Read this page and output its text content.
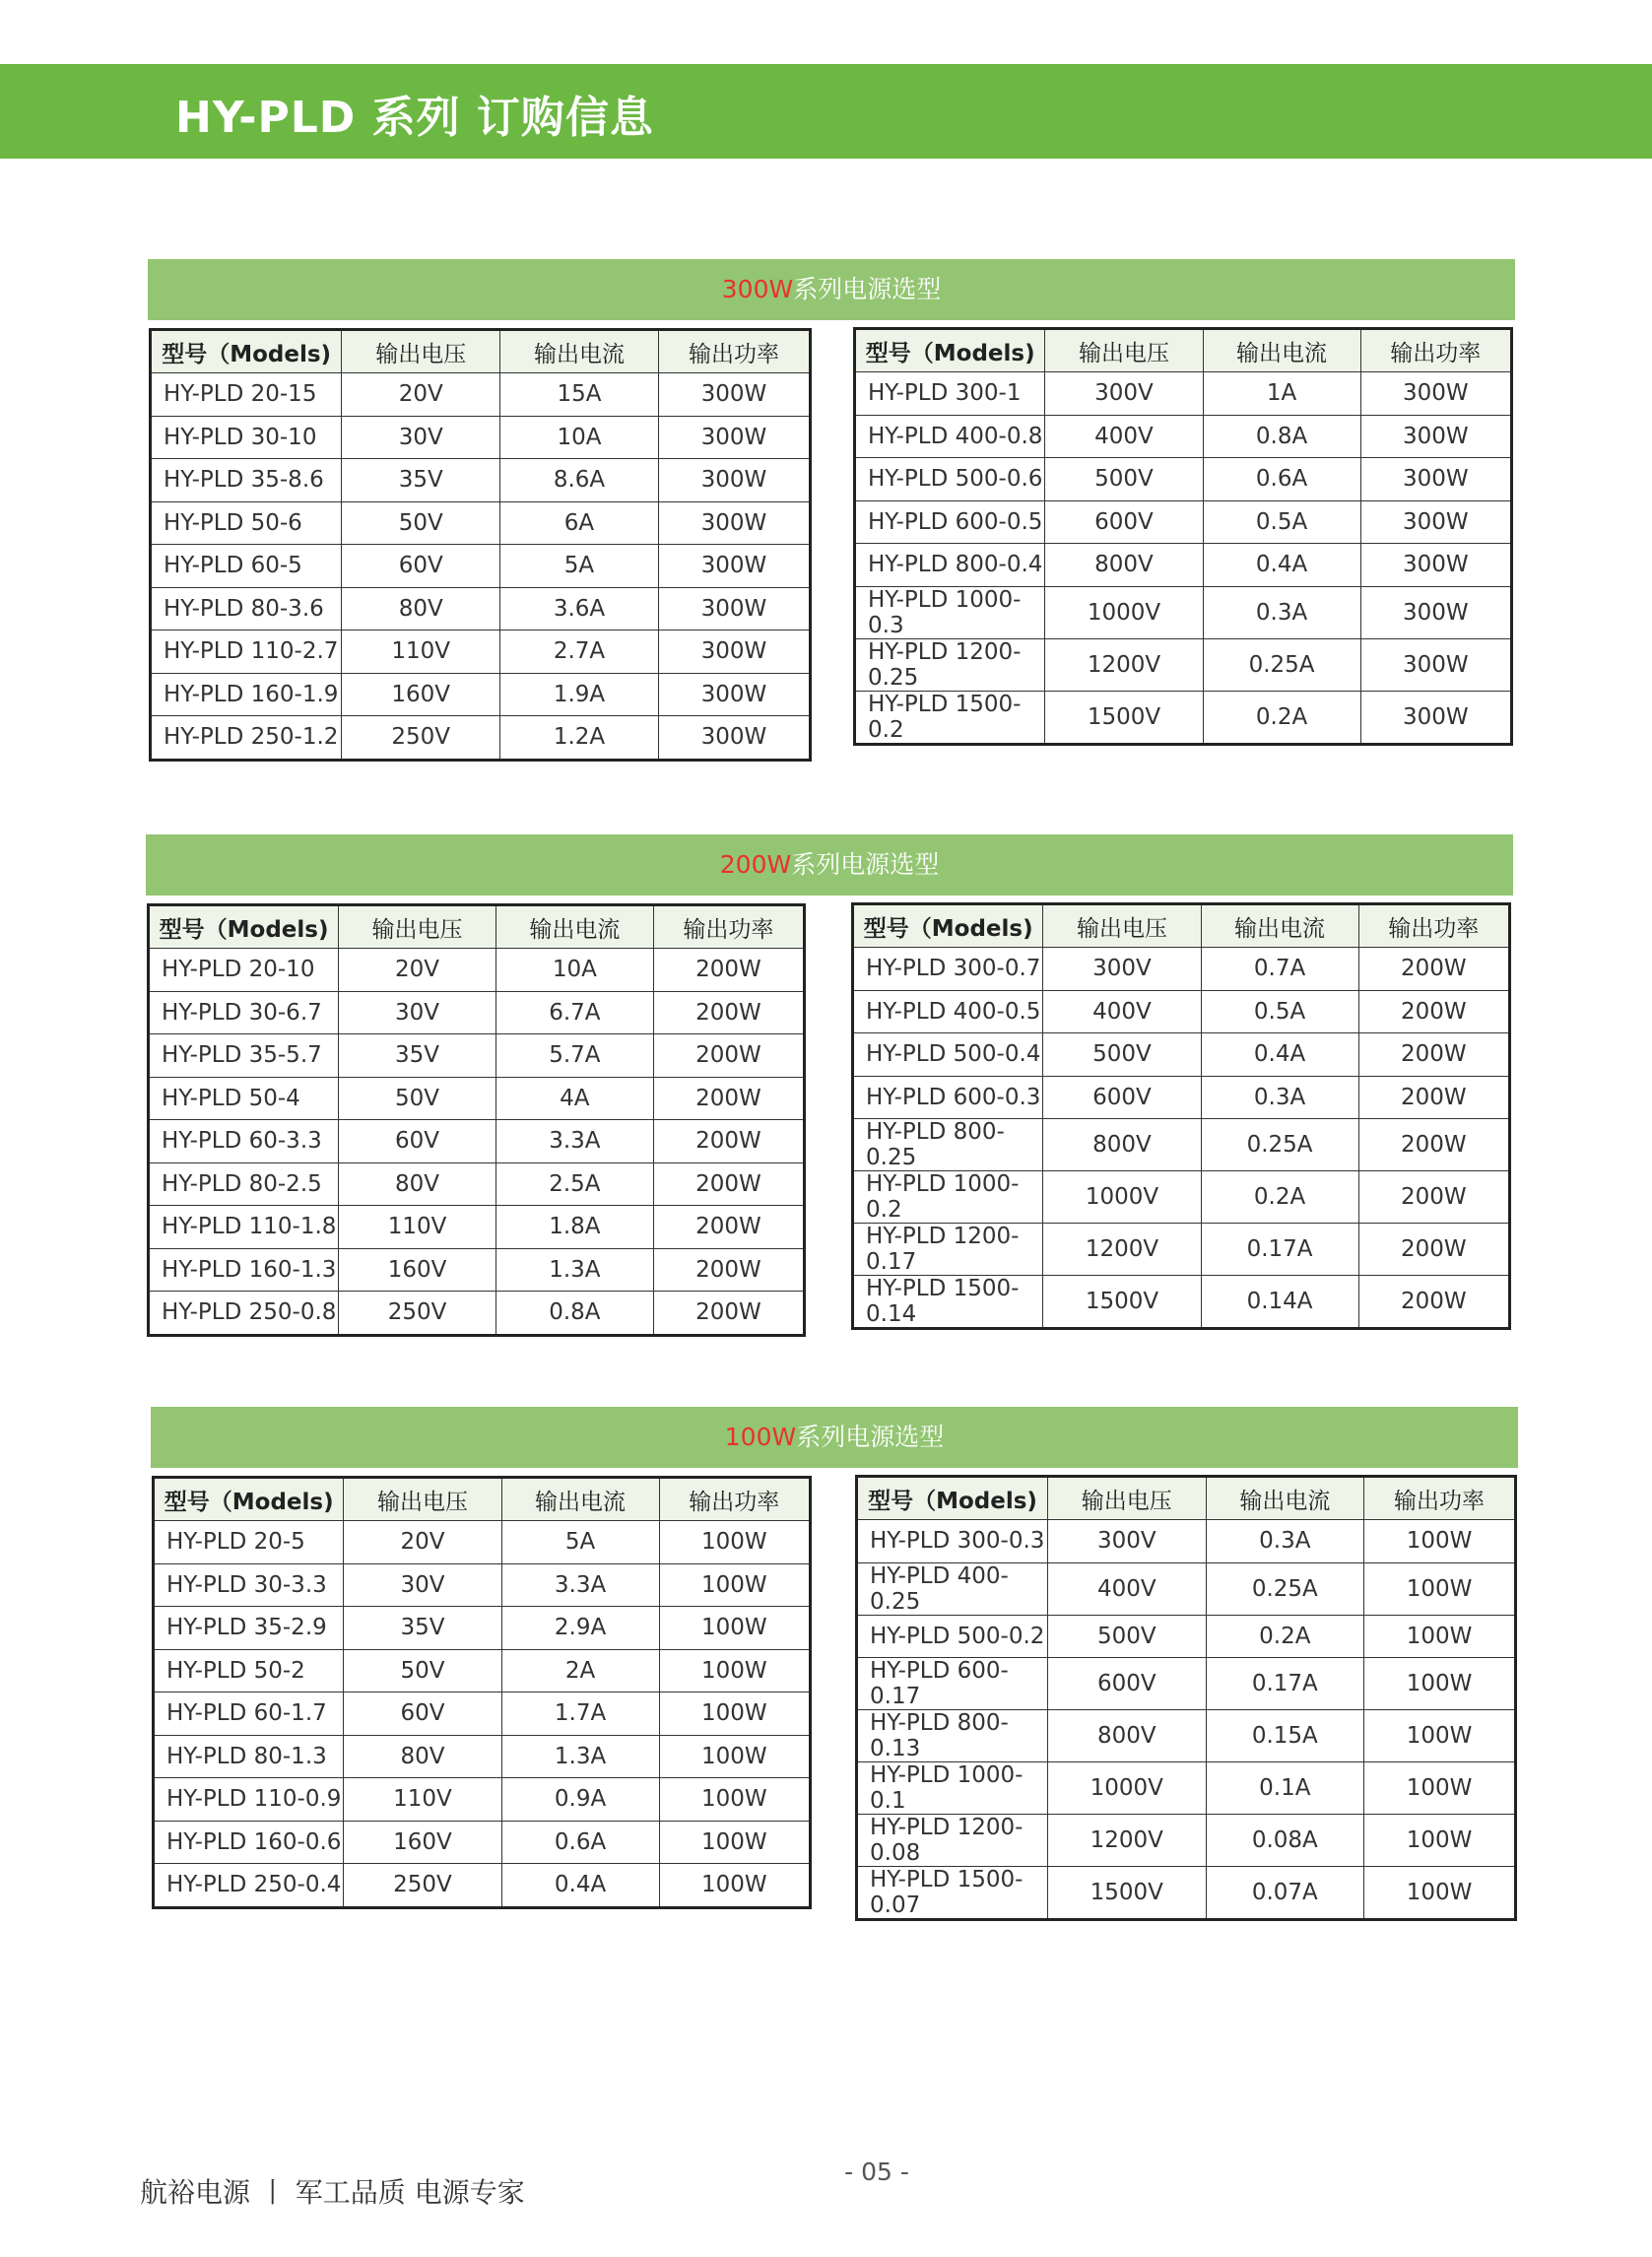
HY-PLD 系列 订购信息
300W系列电源选型
型号（Models)	输出电压	输出电流	输出功率
HY-PLD 20-15	20V	15A	300W
HY-PLD 30-10	30V	10A	300W
HY-PLD 35-8.6	35V	8.6A	300W
HY-PLD 50-6	50V	6A	300W
HY-PLD 60-5	60V	5A	300W
HY-PLD 80-3.6	80V	3.6A	300W
HY-PLD 110-2.7	110V	2.7A	300W
HY-PLD 160-1.9	160V	1.9A	300W
HY-PLD 250-1.2	250V	1.2A	300W
型号（Models)	输出电压	输出电流	输出功率
HY-PLD 300-1	300V	1A	300W
HY-PLD 400-0.8	400V	0.8A	300W
HY-PLD 500-0.6	500V	0.6A	300W
HY-PLD 600-0.5	600V	0.5A	300W
HY-PLD 800-0.4	800V	0.4A	300W
HY-PLD 1000-0.3	1000V	0.3A	300W
HY-PLD 1200-0.25	1200V	0.25A	300W
HY-PLD 1500-0.2	1500V	0.2A	300W
200W系列电源选型
型号（Models)	输出电压	输出电流	输出功率
HY-PLD 20-10	20V	10A	200W
HY-PLD 30-6.7	30V	6.7A	200W
HY-PLD 35-5.7	35V	5.7A	200W
HY-PLD 50-4	50V	4A	200W
HY-PLD 60-3.3	60V	3.3A	200W
HY-PLD 80-2.5	80V	2.5A	200W
HY-PLD 110-1.8	110V	1.8A	200W
HY-PLD 160-1.3	160V	1.3A	200W
HY-PLD 250-0.8	250V	0.8A	200W
型号（Models)	输出电压	输出电流	输出功率
HY-PLD 300-0.7	300V	0.7A	200W
HY-PLD 400-0.5	400V	0.5A	200W
HY-PLD 500-0.4	500V	0.4A	200W
HY-PLD 600-0.3	600V	0.3A	200W
HY-PLD 800-0.25	800V	0.25A	200W
HY-PLD 1000-0.2	1000V	0.2A	200W
HY-PLD 1200-0.17	1200V	0.17A	200W
HY-PLD 1500-0.14	1500V	0.14A	200W
100W系列电源选型
型号（Models)	输出电压	输出电流	输出功率
HY-PLD 20-5	20V	5A	100W
HY-PLD 30-3.3	30V	3.3A	100W
HY-PLD 35-2.9	35V	2.9A	100W
HY-PLD 50-2	50V	2A	100W
HY-PLD 60-1.7	60V	1.7A	100W
HY-PLD 80-1.3	80V	1.3A	100W
HY-PLD 110-0.9	110V	0.9A	100W
HY-PLD 160-0.6	160V	0.6A	100W
HY-PLD 250-0.4	250V	0.4A	100W
型号（Models)	输出电压	输出电流	输出功率
HY-PLD 300-0.3	300V	0.3A	100W
HY-PLD 400-0.25	400V	0.25A	100W
HY-PLD 500-0.2	500V	0.2A	100W
HY-PLD 600-0.17	600V	0.17A	100W
HY-PLD 800-0.13	800V	0.15A	100W
HY-PLD 1000-0.1	1000V	0.1A	100W
HY-PLD 1200-0.08	1200V	0.08A	100W
HY-PLD 1500-0.07	1500V	0.07A	100W
航裕电源 丨 军工品质 电源专家
- 05 -
